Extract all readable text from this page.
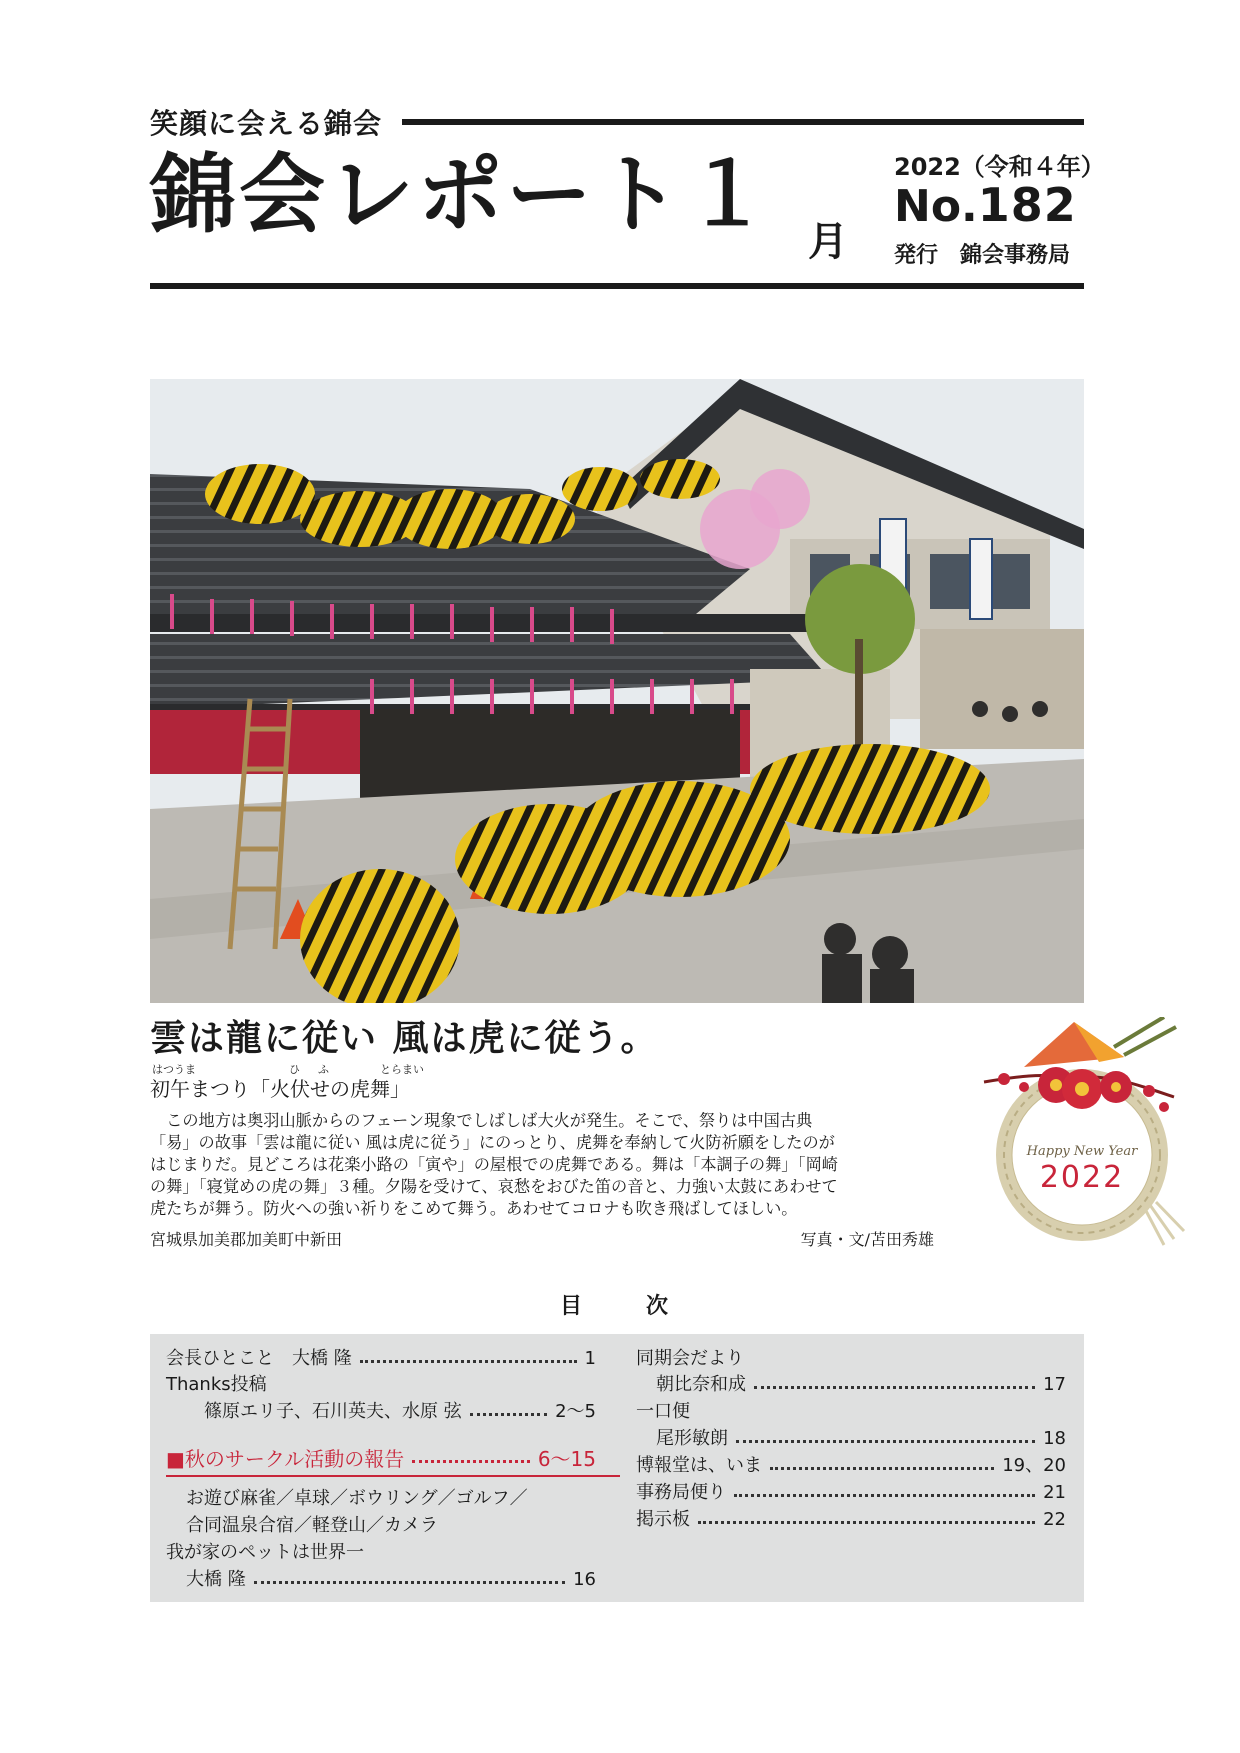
笑顔に会える錦会
錦会レポート１ 月
2022（令和４年）
No.182
発行　錦会事務局
雲は龍に従い 風は虎に従う。
はつうま	ひ ふ	とらまい
初午まつり「火伏せの虎舞」
　この地方は奥羽山脈からのフェーン現象でしばしば大火が発生。そこで、祭りは中国古典
「易」の故事「雲は龍に従い 風は虎に従う」にのっとり、虎舞を奉納して火防祈願をしたのが
はじまりだ。見どころは花楽小路の「寅や」の屋根での虎舞である。舞は「本調子の舞」「岡崎
の舞」「寝覚めの虎の舞」３種。夕陽を受けて、哀愁をおびた笛の音と、力強い太鼓にあわせて
虎たちが舞う。防火への強い祈りをこめて舞う。あわせてコロナも吹き飛ばしてほしい。
宮城県加美郡加美町中新田	写真・文/苫田秀雄
Happy New Year
2022
目	次
会長ひとこと　大橋 隆	1
Thanks投稿
篠原エリ子、石川英夫、水原 弦	2～5
■秋のサークル活動の報告	6～15
お遊び麻雀／卓球／ボウリング／ゴルフ／
合同温泉合宿／軽登山／カメラ
我が家のペットは世界一
大橋 隆	16
同期会だより
朝比奈和成	17
一口便
尾形敏朗	18
博報堂は、いま	19、20
事務局便り	21
掲示板	22
